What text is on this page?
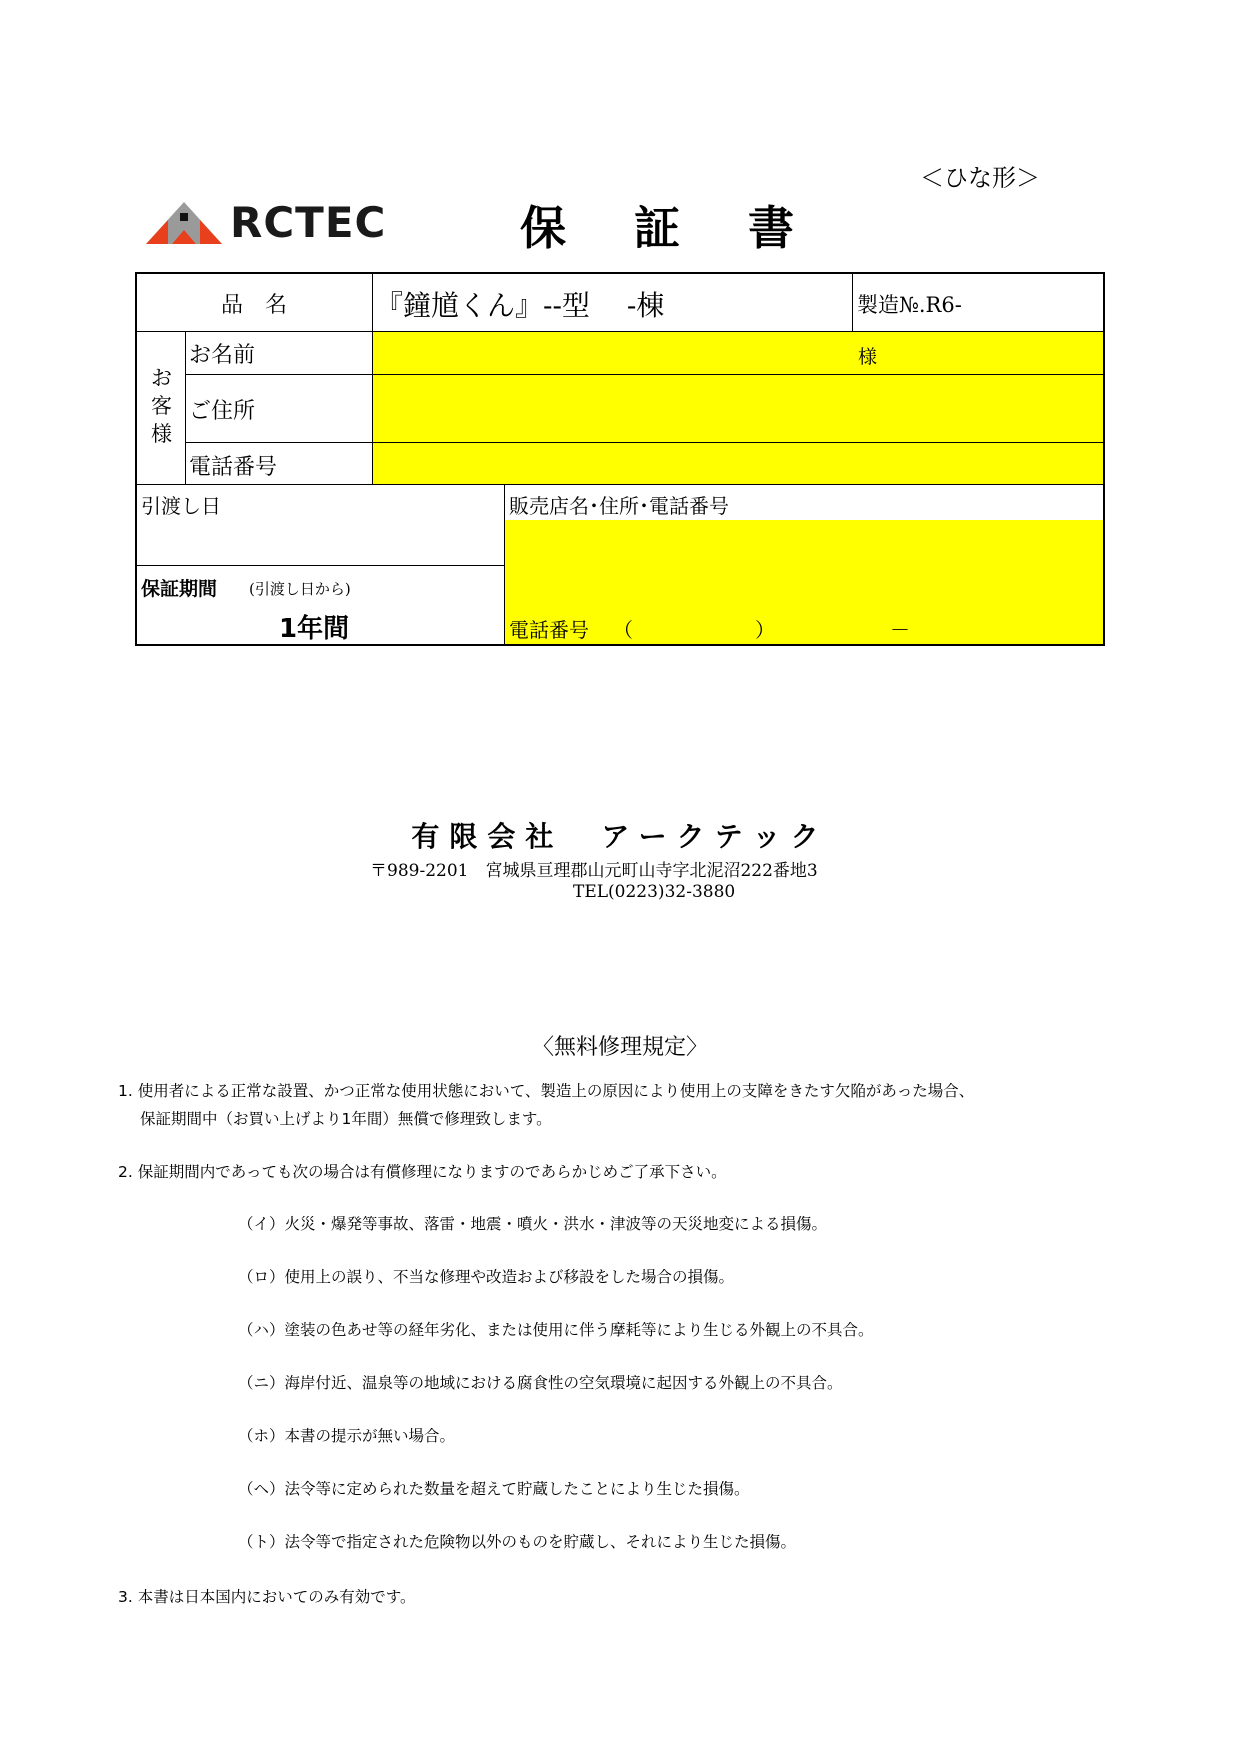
＜ひな形＞
RCTEC	保 証 書
品　名	『鐘馗くん』--型　 -棟	製造№.R6-
お
客
様
お名前	様
ご住所
電話番号
引渡し日	販売店名･住所･電話番号
保証期間 (引渡し日から)
1年間	電話番号 （	）	－
有限会社　アークテック
〒989-2201　宮城県亘理郡山元町山寺字北泥沼222番地3
TEL(0223)32-3880
〈無料修理規定〉
1. 使用者による正常な設置、かつ正常な使用状態において、製造上の原因により使用上の支障をきたす欠陥があった場合、
保証期間中（お買い上げより1年間）無償で修理致します。
2. 保証期間内であっても次の場合は有償修理になりますのであらかじめご了承下さい。
（イ）火災・爆発等事故、落雷・地震・噴火・洪水・津波等の天災地変による損傷。
（ロ）使用上の誤り、不当な修理や改造および移設をした場合の損傷。
（ハ）塗装の色あせ等の経年劣化、または使用に伴う摩耗等により生じる外観上の不具合。
（ニ）海岸付近、温泉等の地域における腐食性の空気環境に起因する外観上の不具合。
（ホ）本書の提示が無い場合。
（ヘ）法令等に定められた数量を超えて貯蔵したことにより生じた損傷。
（ト）法令等で指定された危険物以外のものを貯蔵し、それにより生じた損傷。
3. 本書は日本国内においてのみ有効です。
